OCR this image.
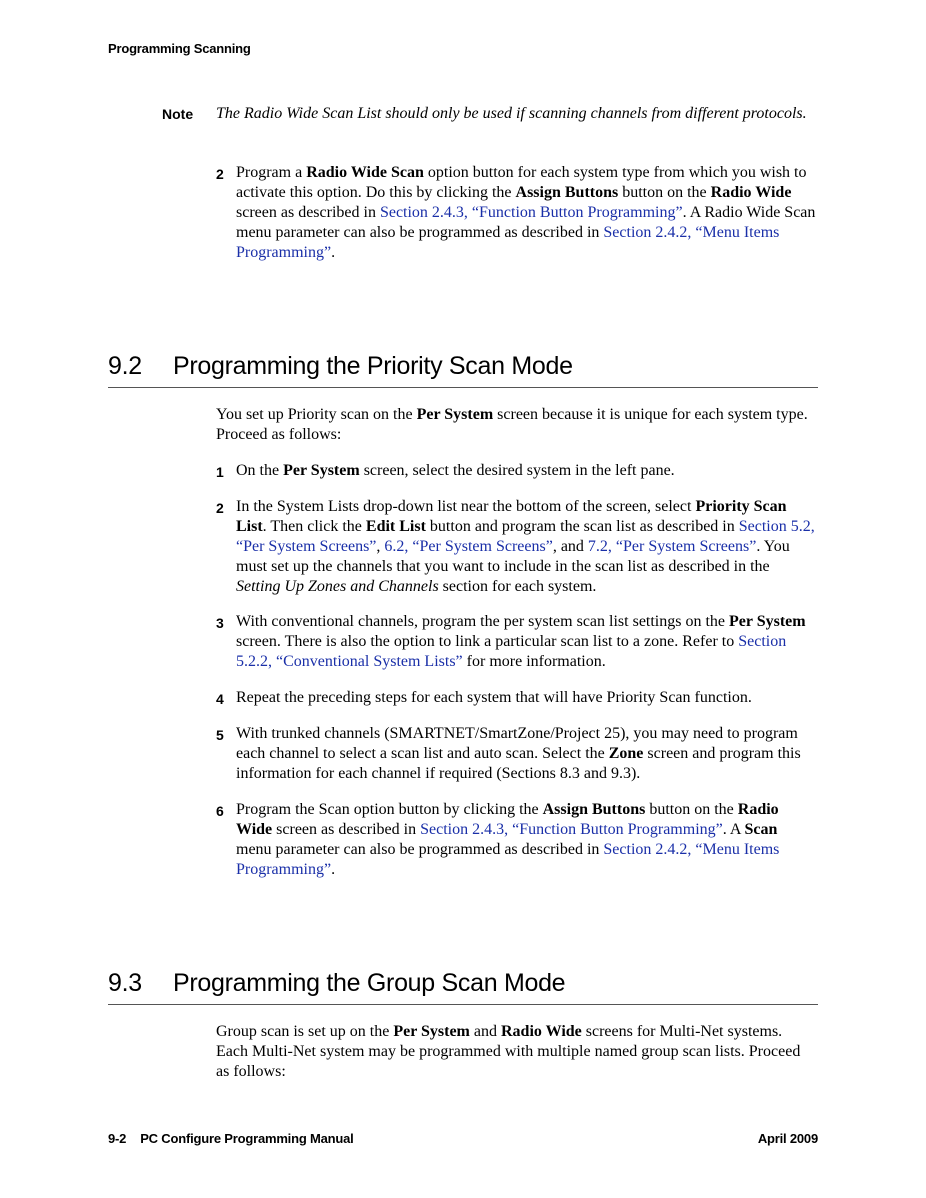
Programming Scanning
Note The Radio Wide Scan List should only be used if scanning channels from different protocols.
2 Program a Radio Wide Scan option button for each system type from which you wish to activate this option. Do this by clicking the Assign Buttons button on the Radio Wide screen as described in Section 2.4.3, “Function Button Programming”. A Radio Wide Scan menu parameter can also be programmed as described in Section 2.4.2, “Menu Items Programming”.
9.2 Programming the Priority Scan Mode
You set up Priority scan on the Per System screen because it is unique for each system type. Proceed as follows:
1 On the Per System screen, select the desired system in the left pane.
2 In the System Lists drop-down list near the bottom of the screen, select Priority Scan List. Then click the Edit List button and program the scan list as described in Section 5.2, “Per System Screens”, 6.2, “Per System Screens”, and 7.2, “Per System Screens”. You must set up the channels that you want to include in the scan list as described in the Setting Up Zones and Channels section for each system.
3 With conventional channels, program the per system scan list settings on the Per System screen. There is also the option to link a particular scan list to a zone. Refer to Section 5.2.2, “Conventional System Lists” for more information.
4 Repeat the preceding steps for each system that will have Priority Scan function.
5 With trunked channels (SMARTNET/SmartZone/Project 25), you may need to program each channel to select a scan list and auto scan. Select the Zone screen and program this information for each channel if required (Sections 8.3 and 9.3).
6 Program the Scan option button by clicking the Assign Buttons button on the Radio Wide screen as described in Section 2.4.3, “Function Button Programming”. A Scan menu parameter can also be programmed as described in Section 2.4.2, “Menu Items Programming”.
9.3 Programming the Group Scan Mode
Group scan is set up on the Per System and Radio Wide screens for Multi-Net systems. Each Multi-Net system may be programmed with multiple named group scan lists. Proceed as follows:
9-2 PC Configure Programming Manual	April 2009
